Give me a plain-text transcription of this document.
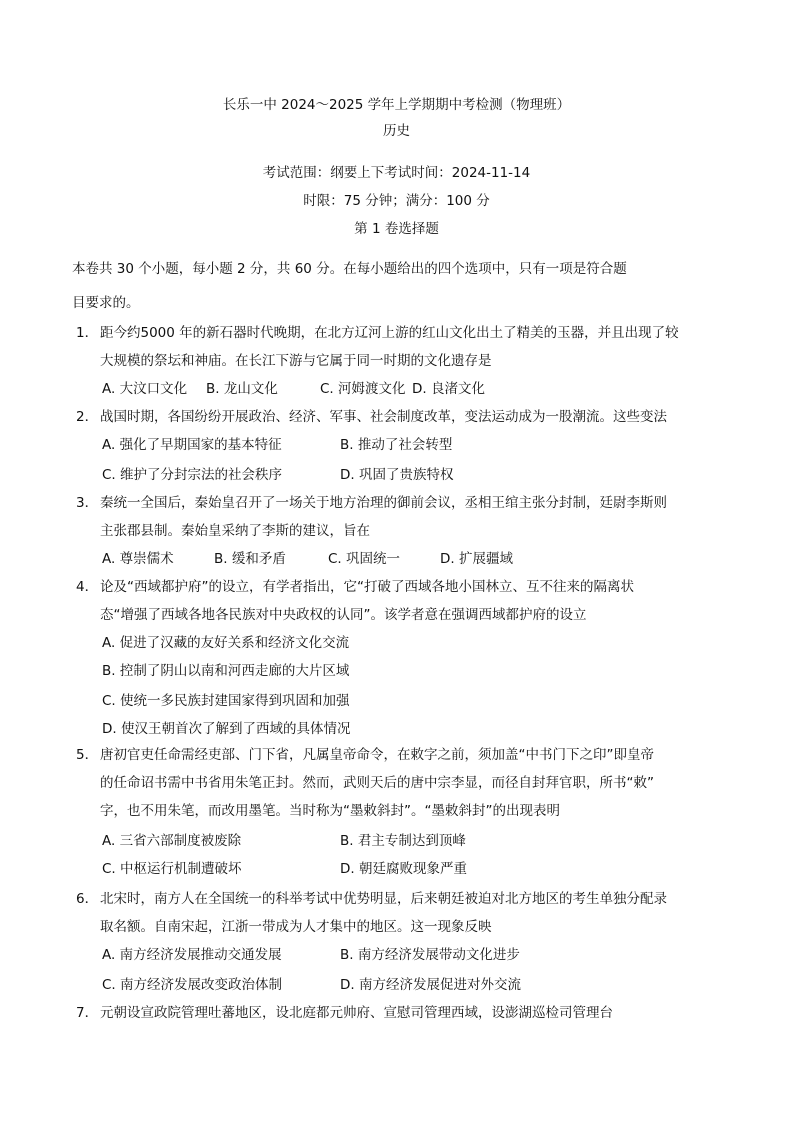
长乐一中 2024～2025 学年上学期期中考检测（物理班）
历史
考试范围：纲要上下考试时间：2024-11-14
时限：75 分钟；满分：100 分
第 1 卷选择题
本卷共 30 个小题，每小题 2 分，共 60 分。在每小题给出的四个选项中，只有一项是符合题
目要求的。
1． 距今约5000 年的新石器时代晚期，在北方辽河上游的红山文化出土了精美的玉器，并且出现了较
大规模的祭坛和神庙。在长江下游与它属于同一时期的文化遗存是
A. 大汶口文化 B. 龙山文化	C. 河姆渡文化 D. 良渚文化
2． 战国时期，各国纷纷开展政治、经济、军事、社会制度改革，变法运动成为一股潮流。这些变法
A. 强化了早期国家的基本特征	B. 推动了社会转型
C. 维护了分封宗法的社会秩序	D. 巩固了贵族特权
3． 秦统一全国后，秦始皇召开了一场关于地方治理的御前会议，丞相王绾主张分封制，廷尉李斯则
主张郡县制。秦始皇采纳了李斯的建议，旨在
A. 尊崇儒术	B. 缓和矛盾	C. 巩固统一	D. 扩展疆域
4． 论及“西域都护府”的设立，有学者指出，它“打破了西域各地小国林立、互不往来的隔离状
态“增强了西域各地各民族对中央政权的认同”。该学者意在强调西域都护府的设立
A. 促进了汉藏的友好关系和经济文化交流
B. 控制了阴山以南和河西走廊的大片区域
C. 使统一多民族封建国家得到巩固和加强
D. 使汉王朝首次了解到了西域的具体情况
5． 唐初官吏任命需经吏部、门下省，凡属皇帝命令，在敕字之前，须加盖“中书门下之印”即皇帝
的任命诏书需中书省用朱笔正封。然而，武则天后的唐中宗李显，而径自封拜官职，所书“敕”
字，也不用朱笔，而改用墨笔。当时称为“墨敕斜封”。“墨敕斜封”的出现表明
A. 三省六部制度被废除	B. 君主专制达到顶峰
C. 中枢运行机制遭破坏	D. 朝廷腐败现象严重
6． 北宋时，南方人在全国统一的科举考试中优势明显，后来朝廷被迫对北方地区的考生单独分配录
取名额。自南宋起，江浙一带成为人才集中的地区。这一现象反映
A. 南方经济发展推动交通发展	B. 南方经济发展带动文化进步
C. 南方经济发展改变政治体制	D. 南方经济发展促进对外交流
7． 元朝设宣政院管理吐蕃地区，设北庭都元帅府、宣慰司管理西域，设澎湖巡检司管理台
